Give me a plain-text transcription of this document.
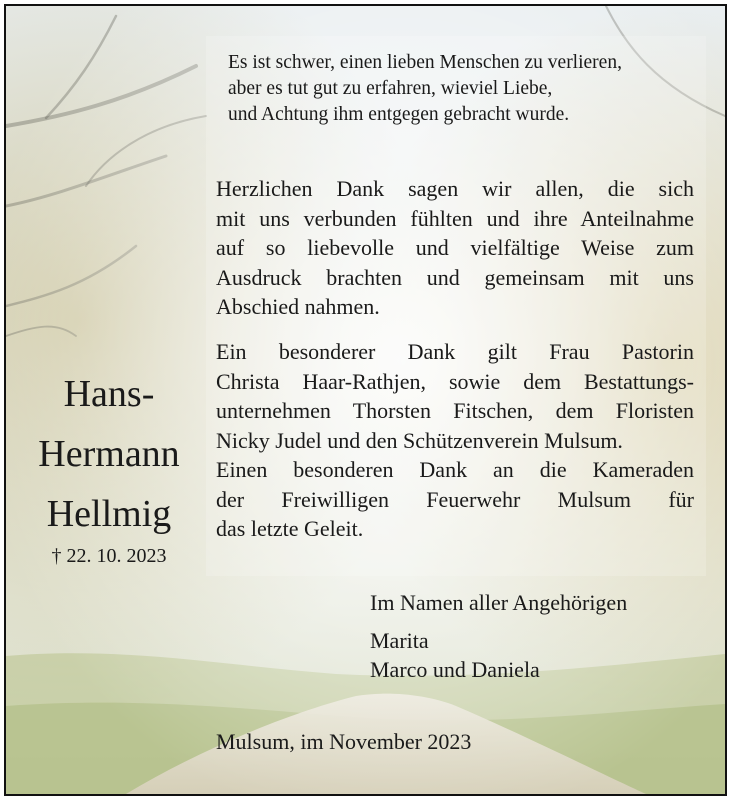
Es ist schwer, einen lieben Menschen zu verlieren,
aber es tut gut zu erfahren, wieviel Liebe,
und Achtung ihm entgegen gebracht wurde.
Herzlichen Dank sagen wir allen, die sich
mit uns verbunden fühlten und ihre Anteilnahme
auf so liebevolle und vielfältige Weise zum
Ausdruck brachten und gemeinsam mit uns
Abschied nahmen.
Ein besonderer Dank gilt Frau Pastorin
Christa Haar-Rathjen, sowie dem Bestattungs-
unternehmen Thorsten Fitschen, dem Floristen
Nicky Judel und den Schützenverein Mulsum.
Einen besonderen Dank an die Kameraden
der Freiwilligen Feuerwehr Mulsum für
das letzte Geleit.
Hans-
Hermann
Hellmig
† 22. 10. 2023
Im Namen aller Angehörigen
Marita
Marco und Daniela
Mulsum, im November 2023
